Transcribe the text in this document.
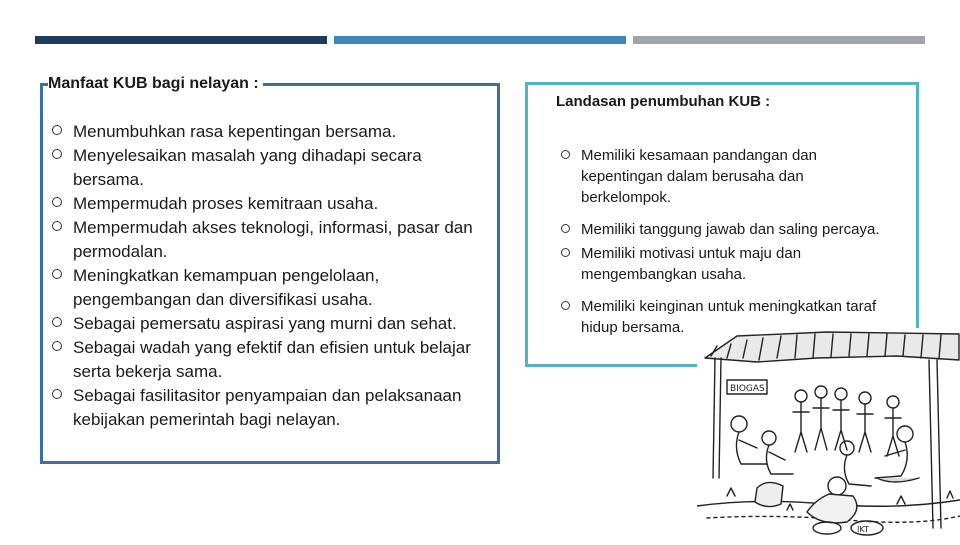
Manfaat KUB bagi nelayan :
Menumbuhkan rasa kepentingan bersama.
Menyelesaikan masalah yang dihadapi secara bersama.
Mempermudah proses kemitraan usaha.
Mempermudah akses teknologi, informasi, pasar dan permodalan.
Meningkatkan kemampuan pengelolaan, pengembangan dan diversifikasi usaha.
Sebagai pemersatu aspirasi yang murni dan sehat.
Sebagai wadah yang efektif dan efisien untuk belajar serta bekerja sama.
Sebagai fasilitasitor penyampaian dan pelaksanaan kebijakan pemerintah bagi nelayan.
Landasan penumbuhan KUB :
Memiliki kesamaan pandangan dan kepentingan dalam berusaha dan berkelompok.
Memiliki tanggung jawab dan saling percaya.
Memiliki motivasi untuk maju dan mengembangkan usaha.
Memiliki keinginan untuk meningkatkan taraf hidup bersama.
BIOGAS
IKT
